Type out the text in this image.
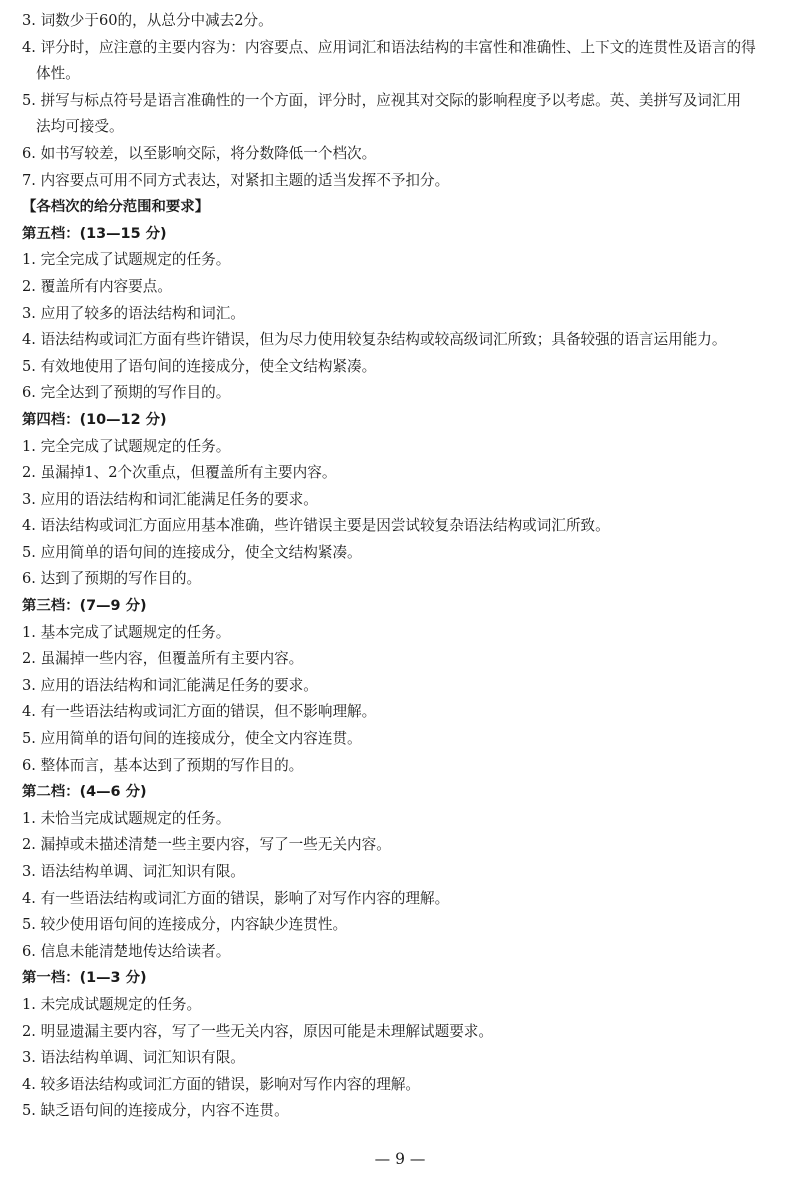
3. 词数少于60的，从总分中减去2分。

4. 评分时，应注意的主要内容为：内容要点、应用词汇和语法结构的丰富性和准确性、上下文的连贯性及语言的得
体性。

5. 拼写与标点符号是语言准确性的一个方面，评分时，应视其对交际的影响程度予以考虑。英、美拼写及词汇用
法均可接受。

6. 如书写较差，以至影响交际，将分数降低一个档次。

7. 内容要点可用不同方式表达，对紧扣主题的适当发挥不予扣分。

【各档次的给分范围和要求】

第五档：(13—15 分)

1. 完全完成了试题规定的任务。

2. 覆盖所有内容要点。

3. 应用了较多的语法结构和词汇。

4. 语法结构或词汇方面有些许错误，但为尽力使用较复杂结构或较高级词汇所致；具备较强的语言运用能力。

5. 有效地使用了语句间的连接成分，使全文结构紧凑。

6. 完全达到了预期的写作目的。

第四档：(10—12 分)

1. 完全完成了试题规定的任务。

2. 虽漏掉1、2个次重点，但覆盖所有主要内容。

3. 应用的语法结构和词汇能满足任务的要求。

4. 语法结构或词汇方面应用基本准确，些许错误主要是因尝试较复杂语法结构或词汇所致。

5. 应用简单的语句间的连接成分，使全文结构紧凑。

6. 达到了预期的写作目的。

第三档：(7—9 分)

1. 基本完成了试题规定的任务。

2. 虽漏掉一些内容，但覆盖所有主要内容。

3. 应用的语法结构和词汇能满足任务的要求。

4. 有一些语法结构或词汇方面的错误，但不影响理解。

5. 应用简单的语句间的连接成分，使全文内容连贯。

6. 整体而言，基本达到了预期的写作目的。

第二档：(4—6 分)

1. 未恰当完成试题规定的任务。

2. 漏掉或未描述清楚一些主要内容，写了一些无关内容。

3. 语法结构单调、词汇知识有限。

4. 有一些语法结构或词汇方面的错误，影响了对写作内容的理解。

5. 较少使用语句间的连接成分，内容缺少连贯性。

6. 信息未能清楚地传达给读者。

第一档：(1—3 分)

1. 未完成试题规定的任务。

2. 明显遗漏主要内容，写了一些无关内容，原因可能是未理解试题要求。

3. 语法结构单调、词汇知识有限。

4. 较多语法结构或词汇方面的错误，影响对写作内容的理解。

5. 缺乏语句间的连接成分，内容不连贯。

— 9 —
